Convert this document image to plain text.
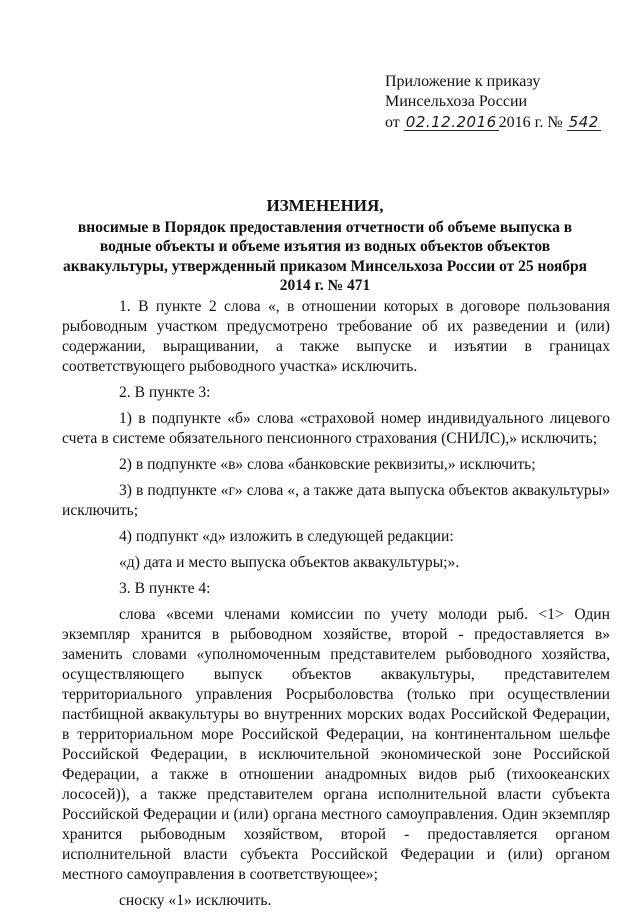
Приложение к приказу
Минсельхоза России
от 02.12.2016 2016 г. № 542
ИЗМЕНЕНИЯ,
вносимые в Порядок предоставления отчетности об объеме выпуска в водные объекты и объеме изъятия из водных объектов объектов аквакультуры, утвержденный приказом Минсельхоза России от 25 ноября 2014 г. № 471

1. В пункте 2 слова «, в отношении которых в договоре пользования рыбоводным участком предусмотрено требование об их разведении и (или) содержании, выращивании, а также выпуске и изъятии в границах соответствующего рыбоводного участка» исключить.

2. В пункте 3:

1) в подпункте «б» слова «страховой номер индивидуального лицевого счета в системе обязательного пенсионного страхования (СНИЛС),» исключить;

2) в подпункте «в» слова «банковские реквизиты,» исключить;

3) в подпункте «г» слова «, а также дата выпуска объектов аквакультуры» исключить;

4) подпункт «д» изложить в следующей редакции:

«д) дата и место выпуска объектов аквакультуры;».

3. В пункте 4:

слова «всеми членами комиссии по учету молоди рыб. <1> Один экземпляр хранится в рыбоводном хозяйстве, второй - предоставляется в» заменить словами «уполномоченным представителем рыбоводного хозяйства, осуществляющего выпуск объектов аквакультуры, представителем территориального управления Росрыболовства (только при осуществлении пастбищной аквакультуры во внутренних морских водах Российской Федерации, в территориальном море Российской Федерации, на континентальном шельфе Российской Федерации, в исключительной экономической зоне Российской Федерации, а также в отношении анадромных видов рыб (тихоокеанских лососей)), а также представителем органа исполнительной власти субъекта Российской Федерации и (или) органа местного самоуправления. Один экземпляр хранится рыбоводным хозяйством, второй - предоставляется органом исполнительной власти субъекта Российской Федерации и (или) органом местного самоуправления в соответствующее»;

сноску «1» исключить.
